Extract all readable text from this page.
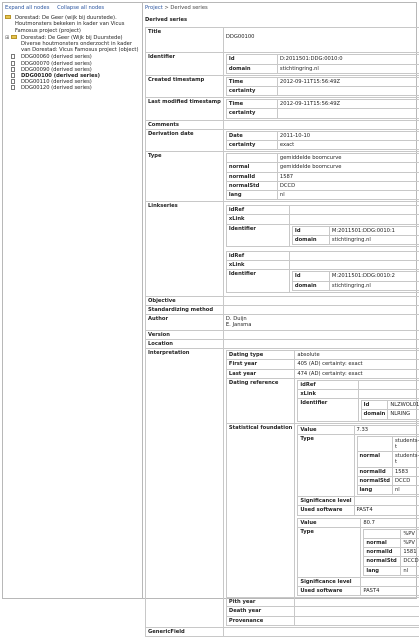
Expand all nodes Collapse all nodes
Dorestad: De Geer (wijk bij duurstede). Houtmonsters bekeken in kader van Vicus Famosus project (project)
⊞ Dorestad: De Geer (Wijk bij Duurstede) Diverse houtmonsters onderzocht in kader van Dorestad: Vicus Famosus project (object)
DDG00060 (derived series)
DDG00070 (derived series)
DDG00090 (derived series)
DDG00100 (derived series)
DDG00110 (derived series)
DDG00120 (derived series)
Project > Derived series
Derived series
Title	
DDG00100

Identifier		Id	D:2011501:DDG:0010:0
domain	stichtingring.nl

Created timestamp		Time	2012-09-11T15:56:49Z
certainty	

Last modified timestamp	Time	2012-09-11T15:56:49Z
certainty	

Comments	
Derivation date		Date	2011-10-10
certainty	exact

Type	
		gemiddelde boomcurve
normal	gemiddelde boomcurve
normalId	1587
normalStd	DCCD
lang	nl

Linkseries	
idRef	
xLink	
Identifier		Id	M:2011501:DDG:0010:1
domain	stichtingring.nl
idRef	
xLink	
Identifier		Id	M:2011501:DDG:0010:2
domain	stichtingring.nl

Objective	
Standardizing method	
Author	D. Duijn
E. Jansma

Version	
Location	
Interpretation		Dating type	absolute
First year	405 (AD) certainty: exact
Last year	474 (AD) certainty: exact
Dating reference		idRef	
xLink	
Identifier		Id	NLZWOL01
domain	NLRING

Statistical foundation	Value	7.33
Type	
		students-t
normal	students-t
normalId	1583
normalStd	DCCD
lang	nl

Significance level	
Used software	PAST4
Value	80.7
Type	
		%PV
normal	%PV
normalId	1581
normalStd	DCCD
lang	nl

Significance level	
Used software	PAST4

Pith year	
Death year	
Provenance	

GenericField	
